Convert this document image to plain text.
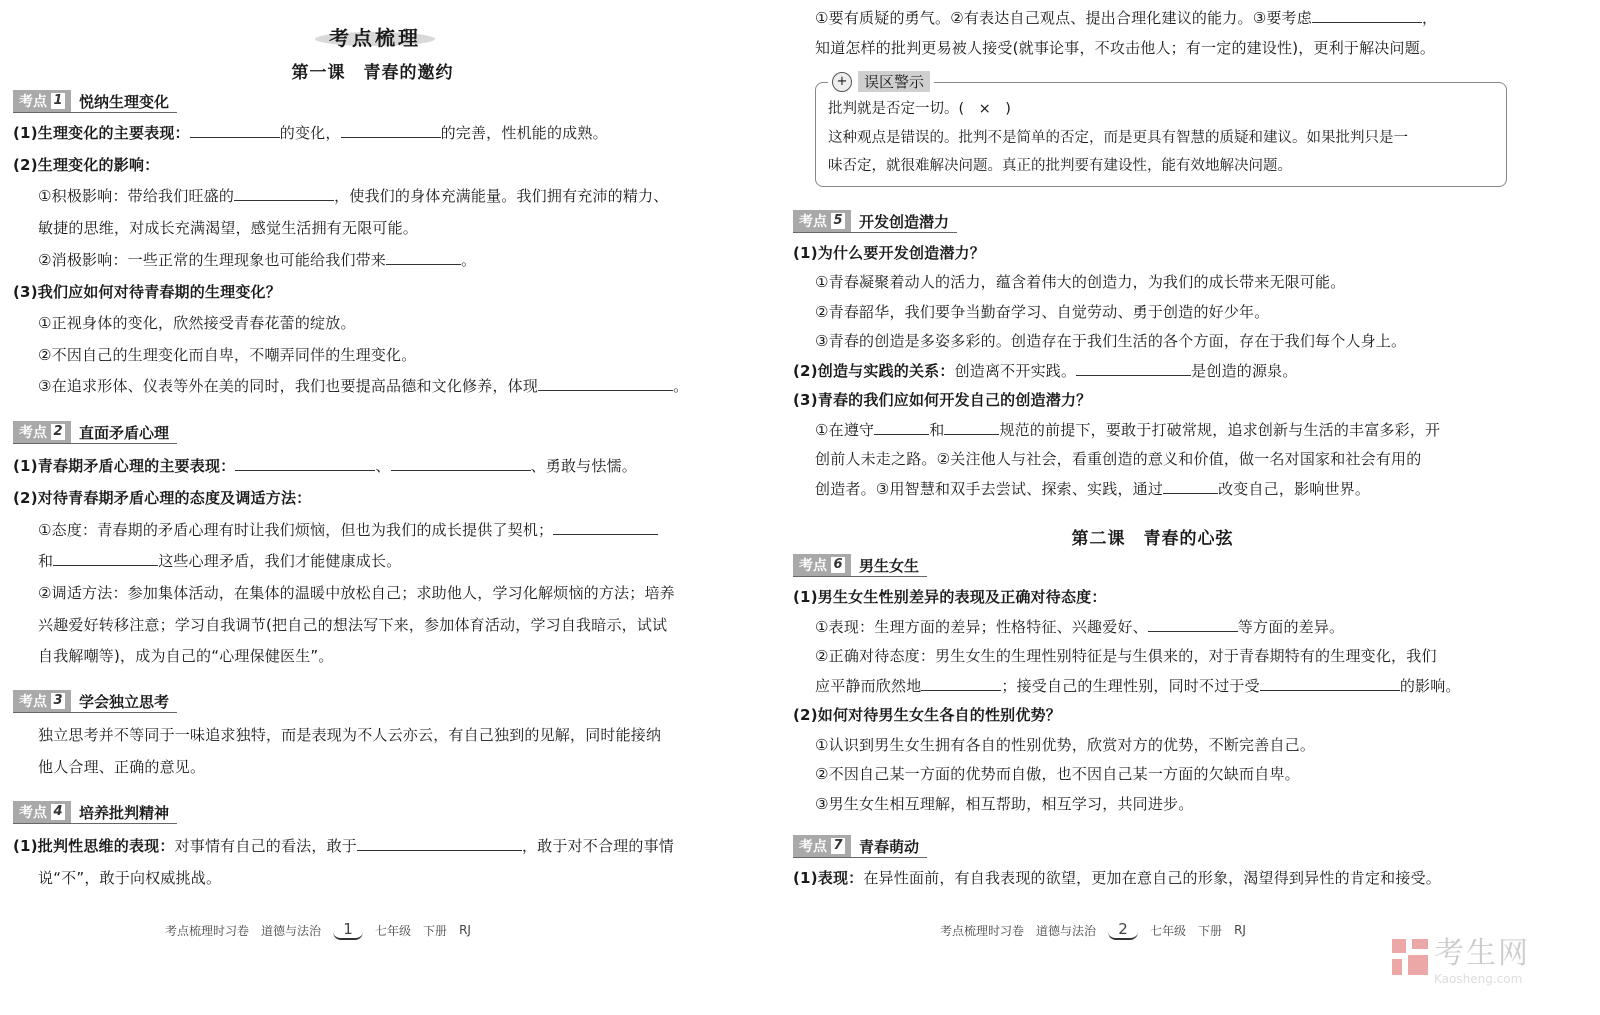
考点梳理
第一课　青春的邀约
考点 1 悦纳生理变化
(1)生理变化的主要表现：	的变化，	的完善，性机能的成熟。
(2)生理变化的影响：
①积极影响：带给我们旺盛的	，使我们的身体充满能量。我们拥有充沛的精力、
敏捷的思维，对成长充满渴望，感觉生活拥有无限可能。
②消极影响：一些正常的生理现象也可能给我们带来	。
(3)我们应如何对待青春期的生理变化？
①正视身体的变化，欣然接受青春花蕾的绽放。
②不因自己的生理变化而自卑，不嘲弄同伴的生理变化。
③在追求形体、仪表等外在美的同时，我们也要提高品德和文化修养，体现	。
考点 2 直面矛盾心理
(1)青春期矛盾心理的主要表现：	、	、勇敢与怯懦。
(2)对待青春期矛盾心理的态度及调适方法：
①态度：青春期的矛盾心理有时让我们烦恼，但也为我们的成长提供了契机；
和	这些心理矛盾，我们才能健康成长。
②调适方法：参加集体活动，在集体的温暖中放松自己；求助他人，学习化解烦恼的方法；培养
兴趣爱好转移注意；学习自我调节(把自己的想法写下来，参加体育活动，学习自我暗示，试试
自我解嘲等)，成为自己的“心理保健医生”。
考点 3 学会独立思考
独立思考并不等同于一味追求独特，而是表现为不人云亦云，有自己独到的见解，同时能接纳
他人合理、正确的意见。
考点 4 培养批判精神
(1)批判性思维的表现：对事情有自己的看法，敢于	，敢于对不合理的事情
说“不”，敢于向权威挑战。
考点梳理时习卷 道德与法治	1	七年级 下册 RJ
①要有质疑的勇气。②有表达自己观点、提出合理化建议的能力。③要考虑	，
知道怎样的批判更易被人接受(就事论事，不攻击他人；有一定的建设性)，更利于解决问题。
+	误区警示
批判就是否定一切。(　×　)
这种观点是错误的。批判不是简单的否定，而是更具有智慧的质疑和建议。如果批判只是一
味否定，就很难解决问题。真正的批判要有建设性，能有效地解决问题。
考点 5 开发创造潜力
(1)为什么要开发创造潜力？
①青春凝聚着动人的活力，蕴含着伟大的创造力，为我们的成长带来无限可能。
②青春韶华，我们要争当勤奋学习、自觉劳动、勇于创造的好少年。
③青春的创造是多姿多彩的。创造存在于我们生活的各个方面，存在于我们每个人身上。
(2)创造与实践的关系：创造离不开实践。	是创造的源泉。
(3)青春的我们应如何开发自己的创造潜力？
①在遵守	和	规范的前提下，要敢于打破常规，追求创新与生活的丰富多彩，开
创前人未走之路。②关注他人与社会，看重创造的意义和价值，做一名对国家和社会有用的
创造者。③用智慧和双手去尝试、探索、实践，通过	改变自己，影响世界。
第二课　青春的心弦
考点 6 男生女生
(1)男生女生性别差异的表现及正确对待态度：
①表现：生理方面的差异；性格特征、兴趣爱好、	等方面的差异。
②正确对待态度：男生女生的生理性别特征是与生俱来的，对于青春期特有的生理变化，我们
应平静而欣然地	；接受自己的生理性别，同时不过于受	的影响。
(2)如何对待男生女生各自的性别优势？
①认识到男生女生拥有各自的性别优势，欣赏对方的优势，不断完善自己。
②不因自己某一方面的优势而自傲，也不因自己某一方面的欠缺而自卑。
③男生女生相互理解，相互帮助，相互学习，共同进步。
考点 7 青春萌动
(1)表现：在异性面前，有自我表现的欲望，更加在意自己的形象，渴望得到异性的肯定和接受。
考点梳理时习卷 道德与法治	2	七年级 下册 RJ
考生网
Kaosheng.com
